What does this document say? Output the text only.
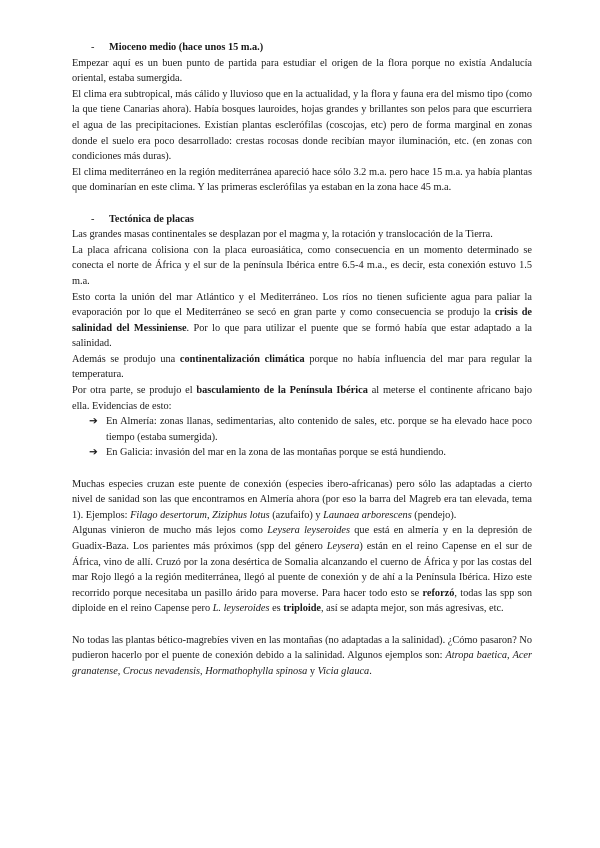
- Mioceno medio (hace unos 15 m.a.)

Empezar aquí es un buen punto de partida para estudiar el origen de la flora porque no existía Andalucía oriental, estaba sumergida.

El clima era subtropical, más cálido y lluvioso que en la actualidad, y la flora y fauna era del mismo tipo (como la que tiene Canarias ahora). Había bosques lauroides, hojas grandes y brillantes son pelos para que escurriera el agua de las precipitaciones. Existían plantas esclerófilas (coscojas, etc) pero de forma marginal en zonas donde el suelo era poco desarrollado: crestas rocosas donde recibían mayor iluminación, etc. (en zonas con condiciones más duras).

El clima mediterráneo en la región mediterránea apareció hace sólo 3.2 m.a. pero hace 15 m.a. ya había plantas que dominarían en este clima. Y las primeras esclerófilas ya estaban en la zona hace 45 m.a.

- Tectónica de placas

Las grandes masas continentales se desplazan por el magma y, la rotación y translocación de la Tierra.

La placa africana colisiona con la placa euroasiática, como consecuencia en un momento determinado se conecta el norte de África y el sur de la península Ibérica entre 6.5-4 m.a., es decir, esta conexión estuvo 1.5 m.a.

Esto corta la unión del mar Atlántico y el Mediterráneo. Los ríos no tienen suficiente agua para paliar la evaporación por lo que el Mediterráneo se secó en gran parte y como consecuencia se produjo la crisis de salinidad del Messiniense. Por lo que para utilizar el puente que se formó había que estar adaptado a la salinidad.

Además se produjo una continentalización climática porque no había influencia del mar para regular la temperatura.

Por otra parte, se produjo el basculamiento de la Península Ibérica al meterse el continente africano bajo ella. Evidencias de esto:

➔ En Almería: zonas llanas, sedimentarias, alto contenido de sales, etc. porque se ha elevado hace poco tiempo (estaba sumergida).

➔ En Galicia: invasión del mar en la zona de las montañas porque se está hundiendo.

Muchas especies cruzan este puente de conexión (especies ibero-africanas) pero sólo las adaptadas a cierto nivel de sanidad son las que encontramos en Almería ahora (por eso la barra del Magreb era tan elevada, tema 1). Ejemplos: Filago desertorum, Ziziphus lotus (azufaifo) y Launaea arborescens (pendejo).

Algunas vinieron de mucho más lejos como Leysera leyseroides que está en almería y en la depresión de Guadix-Baza. Los parientes más próximos (spp del género Leysera) están en el reino Capense en el sur de África, vino de allí. Cruzó por la zona desértica de Somalia alcanzando el cuerno de África y por las costas del mar Rojo llegó a la región mediterránea, llegó al puente de conexión y de ahí a la Península Ibérica. Hizo este recorrido porque necesitaba un pasillo árido para moverse. Para hacer todo esto se reforzó, todas las spp son diploide en el reino Capense pero L. leyseroides es triploide, así se adapta mejor, son más agresivas, etc.

No todas las plantas bético-magrebíes viven en las montañas (no adaptadas a la salinidad). ¿Cómo pasaron? No pudieron hacerlo por el puente de conexión debido a la salinidad. Algunos ejemplos son: Atropa baetica, Acer granatense, Crocus nevadensis, Hormathophylla spinosa y Vicia glauca.
